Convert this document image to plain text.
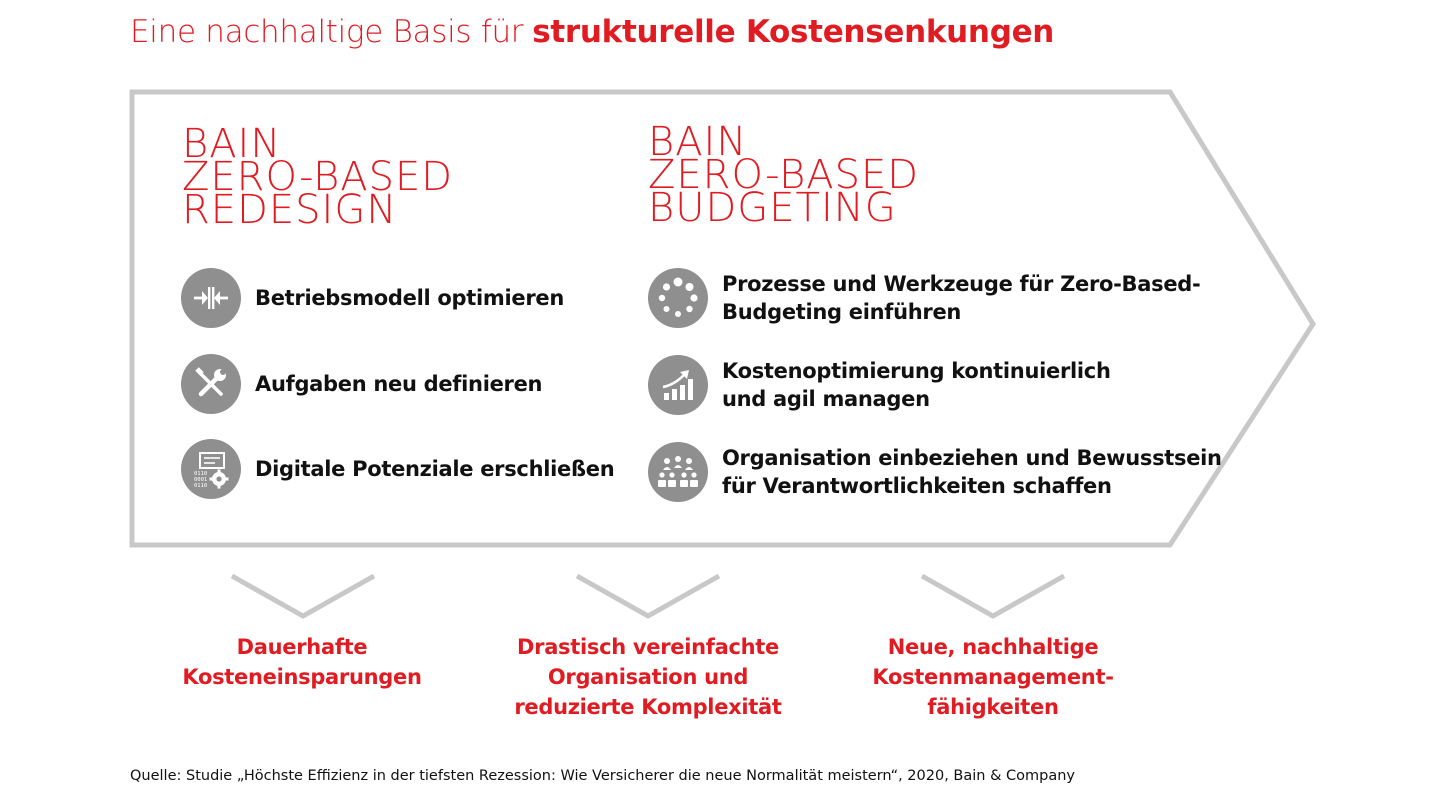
Eine nachhaltige Basis für strukturelle Kostensenkungen
BAIN
ZERO-BASED
REDESIGN
BAIN
ZERO-BASED
BUDGETING
Betriebsmodell optimieren
Aufgaben neu definieren
0110
0001
0110
Digitale Potenziale erschließen
Prozesse und Werkzeuge für Zero-Based-
Budgeting einführen
Kostenoptimierung kontinuierlich
und agil managen
Organisation einbeziehen und Bewusstsein
für Verantwortlichkeiten schaffen
Dauerhafte
Kosteneinsparungen
Drastisch vereinfachte
Organisation und
reduzierte Komplexität
Neue, nachhaltige
Kostenmanagement-
fähigkeiten
Quelle: Studie „Höchste Effizienz in der tiefsten Rezession: Wie Versicherer die neue Normalität meistern“, 2020, Bain & Company
